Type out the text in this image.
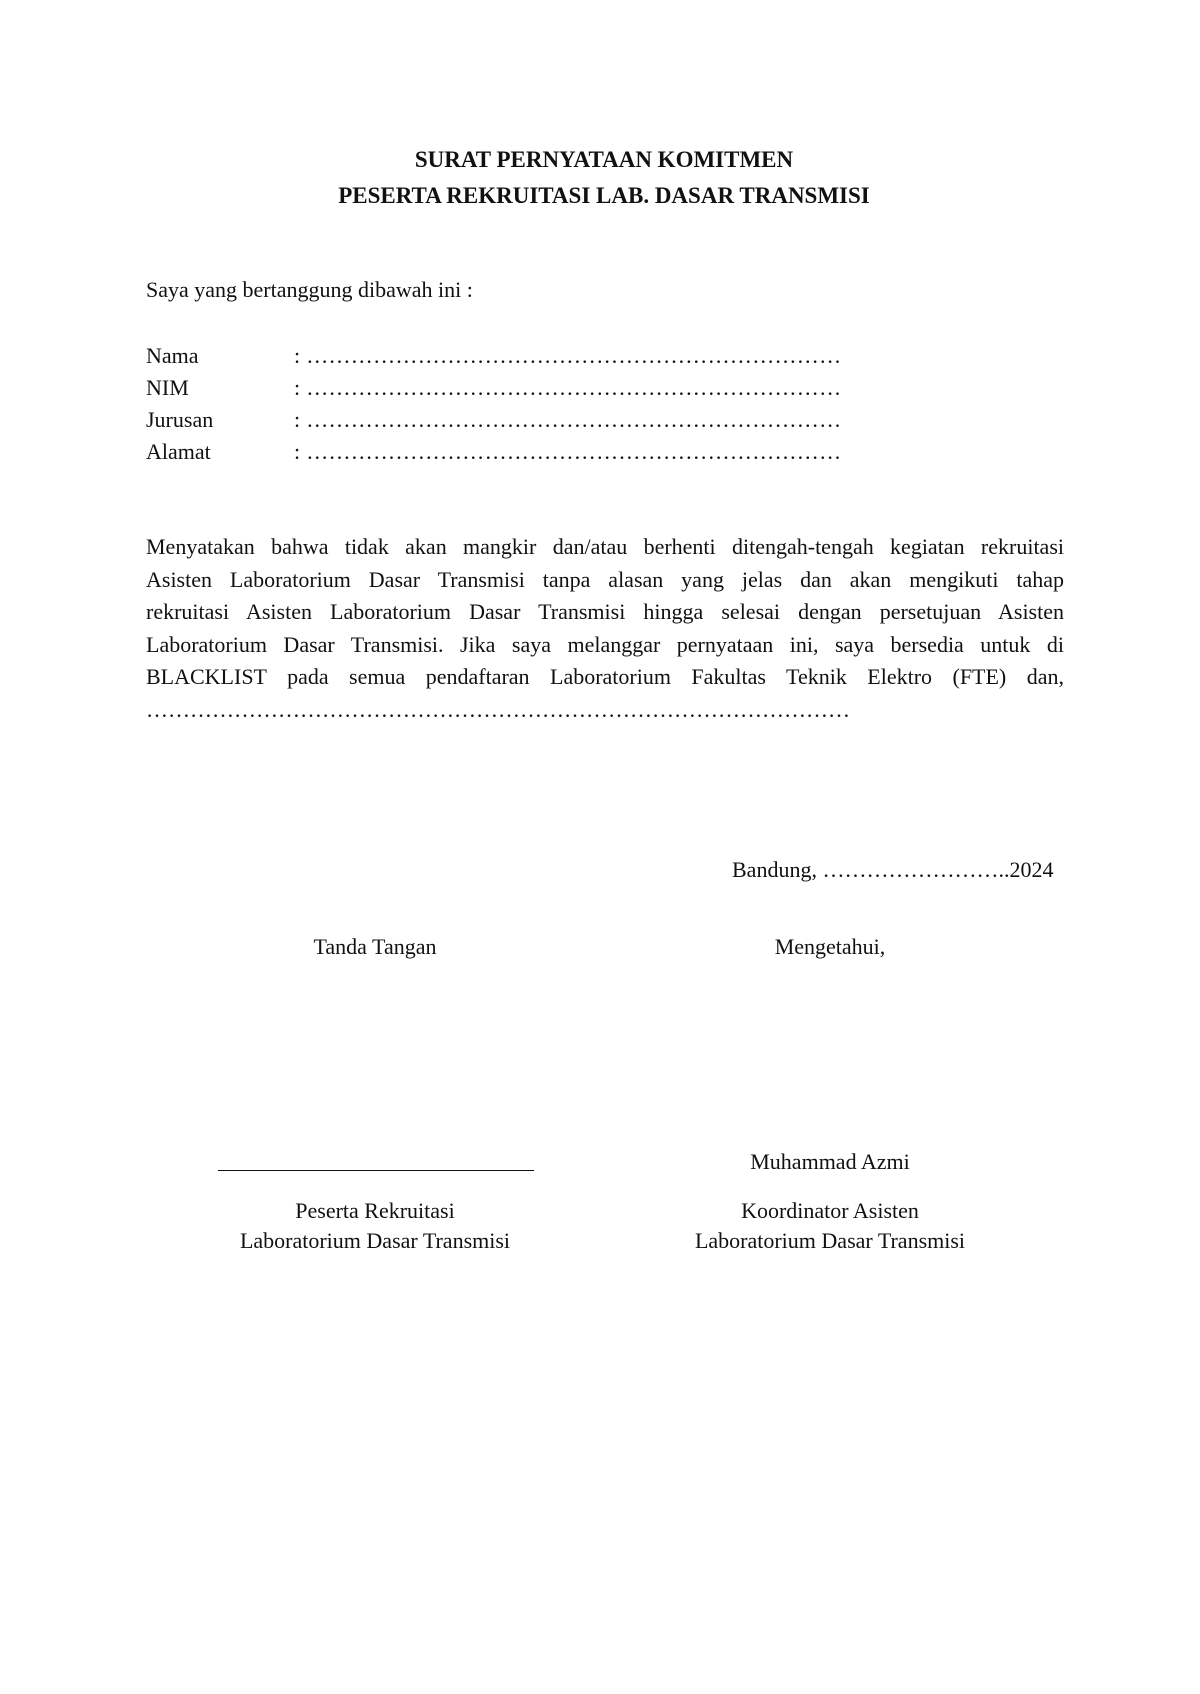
SURAT PERNYATAAN KOMITMEN
PESERTA REKRUITASI LAB. DASAR TRANSMISI
Saya yang bertanggung dibawah ini :
Nama	: ………………………………………………………………
NIM	: ………………………………………………………………
Jurusan	: ………………………………………………………………
Alamat	: ………………………………………………………………
Menyatakan bahwa tidak akan mangkir dan/atau berhenti ditengah-tengah kegiatan rekruitasi
Asisten Laboratorium Dasar Transmisi tanpa alasan yang jelas dan akan mengikuti tahap
rekruitasi Asisten Laboratorium Dasar Transmisi hingga selesai dengan persetujuan Asisten
Laboratorium Dasar Transmisi. Jika saya melanggar pernyataan ini, saya bersedia untuk di
BLACKLIST pada semua pendaftaran Laboratorium Fakultas Teknik Elektro (FTE) dan,
……………………………………………………………………………………
Bandung, ……………………..2024
Tanda Tangan
Peserta Rekruitasi
Laboratorium Dasar Transmisi
Mengetahui,
Muhammad Azmi
Koordinator Asisten
Laboratorium Dasar Transmisi
